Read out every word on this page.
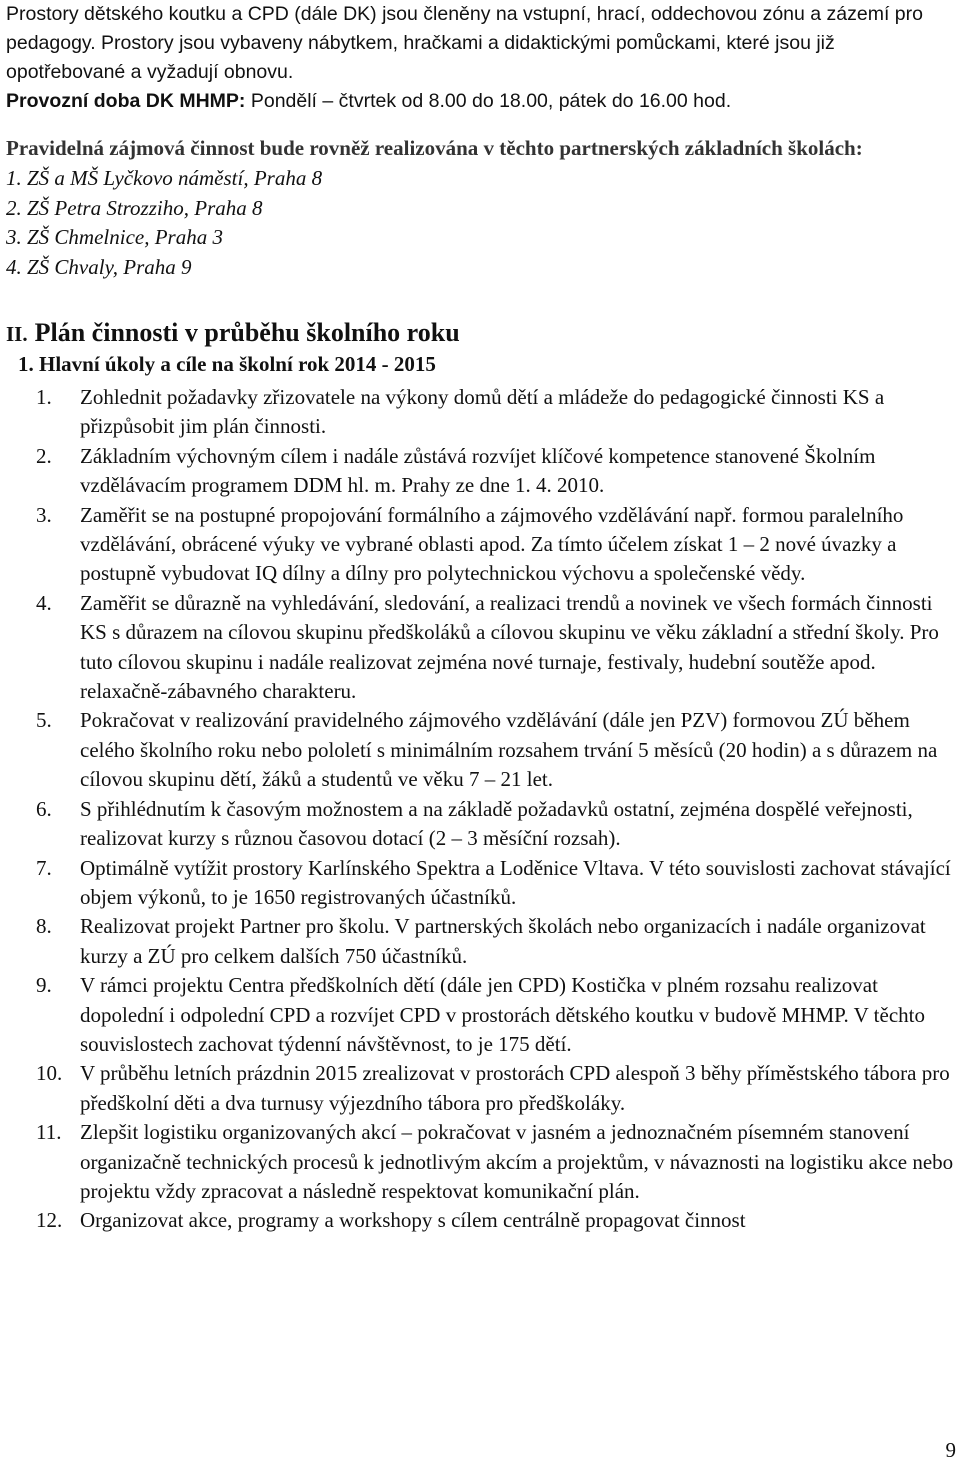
Prostory dětského koutku a CPD (dále DK) jsou členěny na vstupní, hrací, oddechovou zónu a zázemí pro pedagogy. Prostory jsou vybaveny nábytkem, hračkami a didaktickými pomůckami, které jsou již opotřebované a vyžadují obnovu.

Provozní doba DK MHMP: Pondělí – čtvrtek od 8.00 do 18.00, pátek do 16.00 hod.

Pravidelná zájmová činnost bude rovněž realizována v těchto partnerských základních školách:
1. ZŠ a MŠ Lyčkovo náměstí, Praha 8
2. ZŠ Petra Strozziho, Praha 8
3. ZŠ Chmelnice, Praha 3
4. ZŠ Chvaly, Praha 9
II. Plán činnosti v průběhu školního roku
1. Hlavní úkoly a cíle na školní rok 2014 - 2015
1.	Zohlednit požadavky zřizovatele na výkony domů dětí a mládeže do pedagogické činnosti KS a přizpůsobit jim plán činnosti.
2.	Základním výchovným cílem i nadále zůstává rozvíjet klíčové kompetence stanovené Školním vzdělávacím programem DDM hl. m. Prahy ze dne 1. 4. 2010.
3.	Zaměřit se na postupné propojování formálního a zájmového vzdělávání např. formou paralelního vzdělávání, obrácené výuky ve vybrané oblasti apod. Za tímto účelem získat 1 – 2 nové úvazky a postupně vybudovat IQ dílny a dílny pro polytechnickou výchovu a společenské vědy.
4.	Zaměřit se důrazně na vyhledávání, sledování, a realizaci trendů a novinek ve všech formách činnosti KS s důrazem na cílovou skupinu předškoláků a cílovou skupinu ve věku základní a střední školy. Pro tuto cílovou skupinu i nadále realizovat zejména nové turnaje, festivaly, hudební soutěže apod. relaxačně-zábavného charakteru.
5.	Pokračovat v realizování pravidelného zájmového vzdělávání (dále jen PZV) formovou ZÚ během celého školního roku nebo pololetí s minimálním rozsahem trvání 5 měsíců (20 hodin) a s důrazem na cílovou skupinu dětí, žáků a studentů ve věku 7 – 21 let.
6.	S přihlédnutím k časovým možnostem a na základě požadavků ostatní, zejména dospělé veřejnosti, realizovat kurzy s různou časovou dotací (2 – 3 měsíční rozsah).
7.	Optimálně vytížit prostory Karlínského Spektra a Loděnice Vltava. V této souvislosti zachovat stávající objem výkonů, to je 1650 registrovaných účastníků.
8.	Realizovat projekt Partner pro školu. V partnerských školách nebo organizacích i nadále organizovat kurzy a ZÚ pro celkem dalších 750 účastníků.
9.	V rámci projektu Centra předškolních dětí (dále jen CPD) Kostička v plném rozsahu realizovat dopolední i odpolední CPD a rozvíjet CPD v prostorách dětského koutku v budově MHMP. V těchto souvislostech zachovat týdenní návštěvnost, to je 175 dětí.
10. V průběhu letních prázdnin 2015 zrealizovat v prostorách CPD alespoň 3 běhy příměstského tábora pro předškolní děti a dva turnusy výjezdního tábora pro předškoláky.
11. Zlepšit logistiku organizovaných akcí – pokračovat v jasném a jednoznačném písemném stanovení organizačně technických procesů k jednotlivým akcím a projektům, v návaznosti na logistiku akce nebo projektu vždy zpracovat a následně respektovat komunikační plán.
12. Organizovat akce, programy a workshopy s cílem centrálně propagovat činnost
9
